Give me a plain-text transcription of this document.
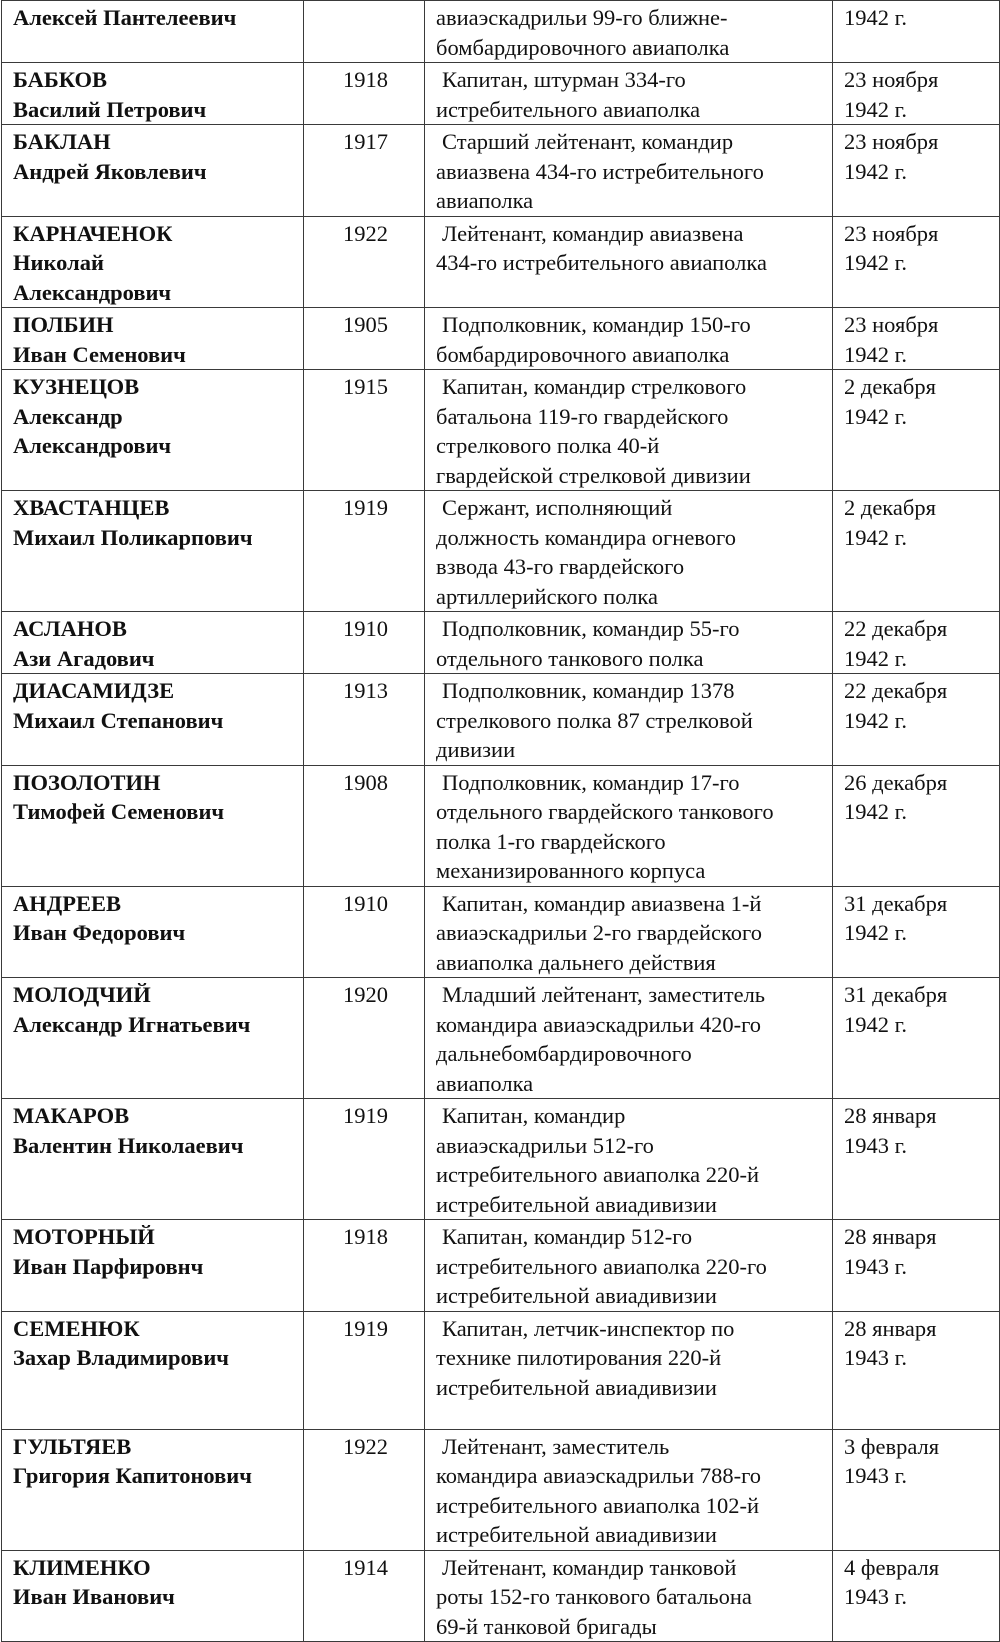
Алексей Пантелеевич		авиаэскадрильи 99-го ближне-
бомбардировочного авиаполка	1942 г.

БАБКОВ
Василий Петрович	1918	Капитан, штурман 334-го
истребительного авиаполка	23 ноября
1942 г.

БАКЛАН
Андрей Яковлевич	1917	Старший лейтенант, командир
авиазвена 434-го истребительного
авиаполка	23 ноября
1942 г.

КАРНАЧЕНОК
Николай
Александрович	1922	Лейтенант, командир авиазвена
434-го истребительного авиаполка	23 ноября
1942 г.

ПОЛБИН
Иван Семенович	1905	Подполковник, командир 150-го
бомбардировочного авиаполка	23 ноября
1942 г.

КУЗНЕЦОВ
Александр
Александрович	1915	Капитан, командир стрелкового
батальона 119-го гвардейского
стрелкового полка 40-й
гвардейской стрелковой дивизии	2 декабря
1942 г.

ХВАСТАНЦЕВ
Михаил Поликарпович	1919	Сержант, исполняющий
должность командира огневого
взвода 43-го гвардейского
артиллерийского полка	2 декабря
1942 г.

АСЛАНОВ
Ази Агадович	1910	Подполковник, командир 55-го
отдельного танкового полка	22 декабря
1942 г.

ДИАСАМИДЗЕ
Михаил Степанович	1913	Подполковник, командир 1378
стрелкового полка 87 стрелковой
дивизии	22 декабря
1942 г.

ПОЗОЛОТИН
Тимофей Семенович	1908	Подполковник, командир 17-го
отдельного гвардейского танкового
полка 1-го гвардейского
механизированного корпуса	26 декабря
1942 г.

АНДРЕЕВ
Иван Федорович	1910	Капитан, командир авиазвена 1-й
авиаэскадрильи 2-го гвардейского
авиаполка дальнего действия	31 декабря
1942 г.

МОЛОДЧИЙ
Александр Игнатьевич	1920	Младший лейтенант, заместитель
командира авиаэскадрильи 420-го
дальнебомбардировочного
авиаполка	31 декабря
1942 г.

МАКАРОВ
Валентин Николаевич	1919	Капитан, командир
авиаэскадрильи 512-го
истребительного авиаполка 220-й
истребительной авиадивизии	28 января
1943 г.

МОТОРНЫЙ
Иван Парфировнч	1918	Капитан, командир 512-го
истребительного авиаполка 220-го
истребительной авиадивизии	28 января
1943 г.

СЕМЕНЮК
Захар Владимирович	1919	Капитан, летчик-инспектор по
технике пилотирования 220-й
истребительной авиадивизии	28 января
1943 г.

ГУЛЬТЯЕВ
Григория Капитонович	1922	Лейтенант, заместитель
командира авиаэскадрильи 788-го
истребительного авиаполка 102-й
истребительной авиадивизии	3 февраля
1943 г.

КЛИМЕНКО
Иван Иванович	1914	Лейтенант, командир танковой
роты 152-го танкового батальона
69-й танковой бригады	4 февраля
1943 г.
